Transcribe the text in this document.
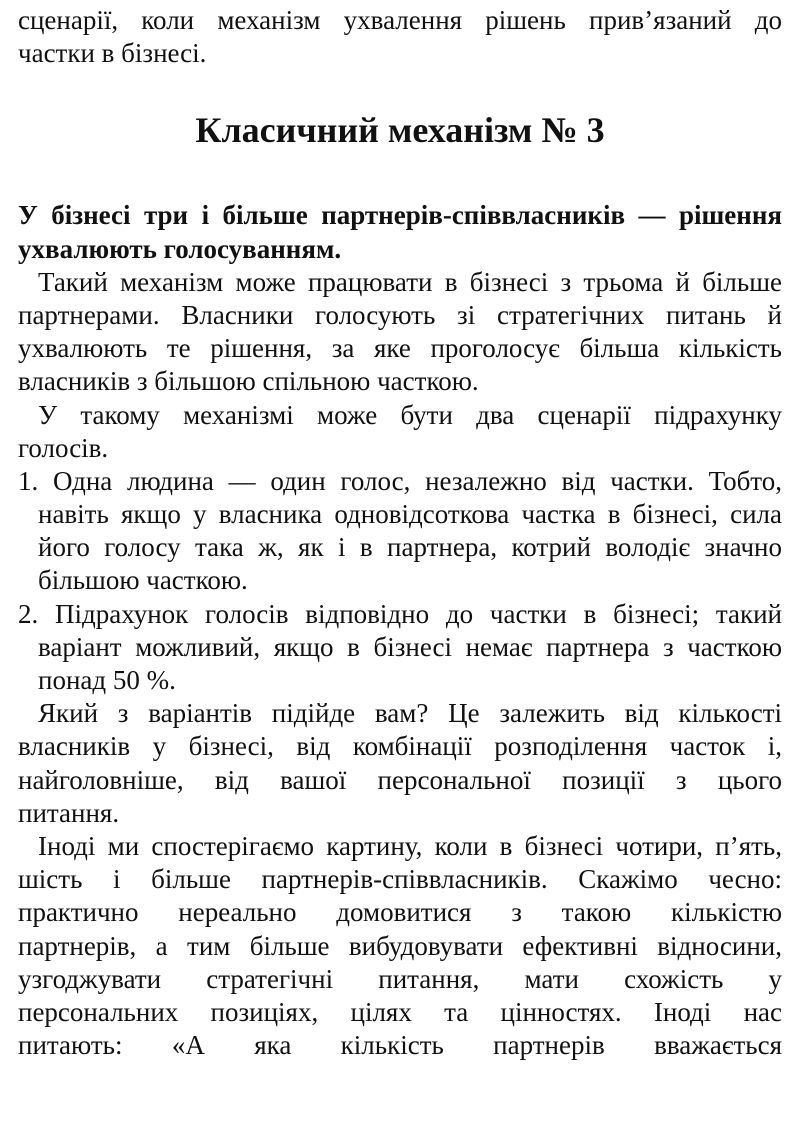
сценарії, коли механізм ухвалення рішень прив’язаний до
частки в бізнесі.
Класичний механізм № 3
У бізнесі три і більше партнерів-співвласників — рішення
ухвалюють голосуванням.
Такий механізм може працювати в бізнесі з трьома й більше
партнерами. Власники голосують зі стратегічних питань й
ухвалюють те рішення, за яке проголосує більша кількість
власників з більшою спільною часткою.
У такому механізмі може бути два сценарії підрахунку
голосів.
1. Одна людина — один голос, незалежно від частки. Тобто,
навіть якщо у власника одновідсоткова частка в бізнесі, сила
його голосу така ж, як і в партнера, котрий володіє значно
більшою часткою.
2. Підрахунок голосів відповідно до частки в бізнесі; такий
варіант можливий, якщо в бізнесі немає партнера з часткою
понад 50 %.
Який з варіантів підійде вам? Це залежить від кількості
власників у бізнесі, від комбінації розподілення часток і,
найголовніше, від вашої персональної позиції з цього
питання.
Іноді ми спостерігаємо картину, коли в бізнесі чотири, п’ять,
шість і більше партнерів-співвласників. Скажімо чесно:
практично нереально домовитися з такою кількістю
партнерів, а тим більше вибудовувати ефективні відносини,
узгоджувати стратегічні питання, мати схожість у
персональних позиціях, цілях та цінностях. Іноді нас
питають: «А яка кількість партнерів вважається
